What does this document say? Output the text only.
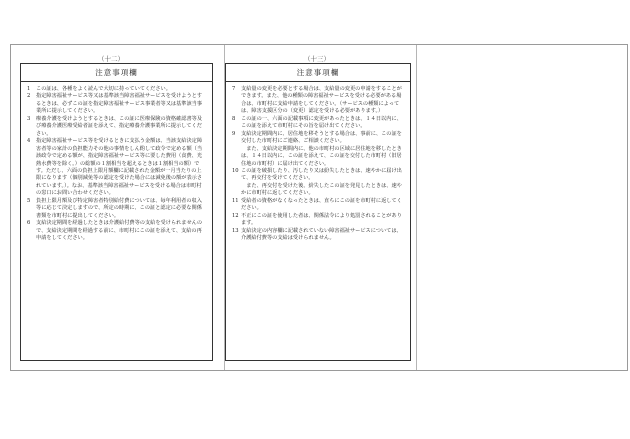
（十二）	（十三）
注意事項欄
1	この証は、各種をよく読んで大切に持っていてください。
2	指定障害福祉サービス等又は基準該当障害福祉サービスを受けようとするときは、必ずこの証を指定障害福祉サービス事業者等又は基準該当事業所に提示してください。
3	療養介護を受けようとするときは、この証に医療保険の資格確認書等及び療養介護医療受給者証を添えて、指定療養介護事業所に提示してください。
4	指定障害福祉サービス等を受けるときに支払う金額は、当該支給決定障害者等の家計の負担能力その他の事情をしん酌して政令で定める額（当該政令で定める額が、指定障害福祉サービス等に要した費用（食費、光熱水費等を除く。）の総額の１割相当を超えるときは１割相当の額）です。ただし、六面の負担上限月額欄に記載された金額が一月当たりの上限になります（個別減免等の認定を受けた場合には減免後の額が表示されています。）。なお、基準該当障害福祉サービスを受ける場合は市町村の窓口にお問い合わせください。
5	負担上限月額及び特定障害者特別給付費については、毎年利用者の収入等に応じて決定しますので、所定の時期に、この証と認定に必要な関係書類を市町村に提出してください。
6	支給決定期間を経過したときは介護給付費等の支給を受けられませんので、支給決定期間を経過する前に、市町村にこの証を添えて、支給の再申請をしてください。
注意事項欄
7	支給量の変更を必要とする場合は、支給量の変更の申請をすることができます。また、他の種類の障害福祉サービスを受ける必要がある場合は、市町村に支給申請をしてください。（サービスの種類によっては、障害支援区分の（変更）認定を受ける必要があります。）
8	この証の一、六面の記載事項に変更があったときは、１４日以内に、この証を添えて市町村にその旨を届け出てください。
9	支給決定期間内に、居住地を移そうとする場合は、事前に、この証を交付した市町村にご連絡、ご相談ください。
また、支給決定期間内に、他の市町村の区域に居住地を移したときは、１４日以内に、この証を添えて、この証を交付した市町村（旧居住地の市町村）に届け出てください。
10 この証を破損したり、汚したり又は紛失したときは、速やかに届け出て、再交付を受けてください。
また、再交付を受けた後、紛失したこの証を発見したときは、速やかに市町村に返してください。
11 受給者の資格がなくなったときは、直ちにこの証を市町村に返してください。
12 不正にこの証を使用した者は、関係法令により処罰されることがあります。
13 支給決定の内容欄に記載されていない障害福祉サービスについては、介護給付費等の支給は受けられません。
